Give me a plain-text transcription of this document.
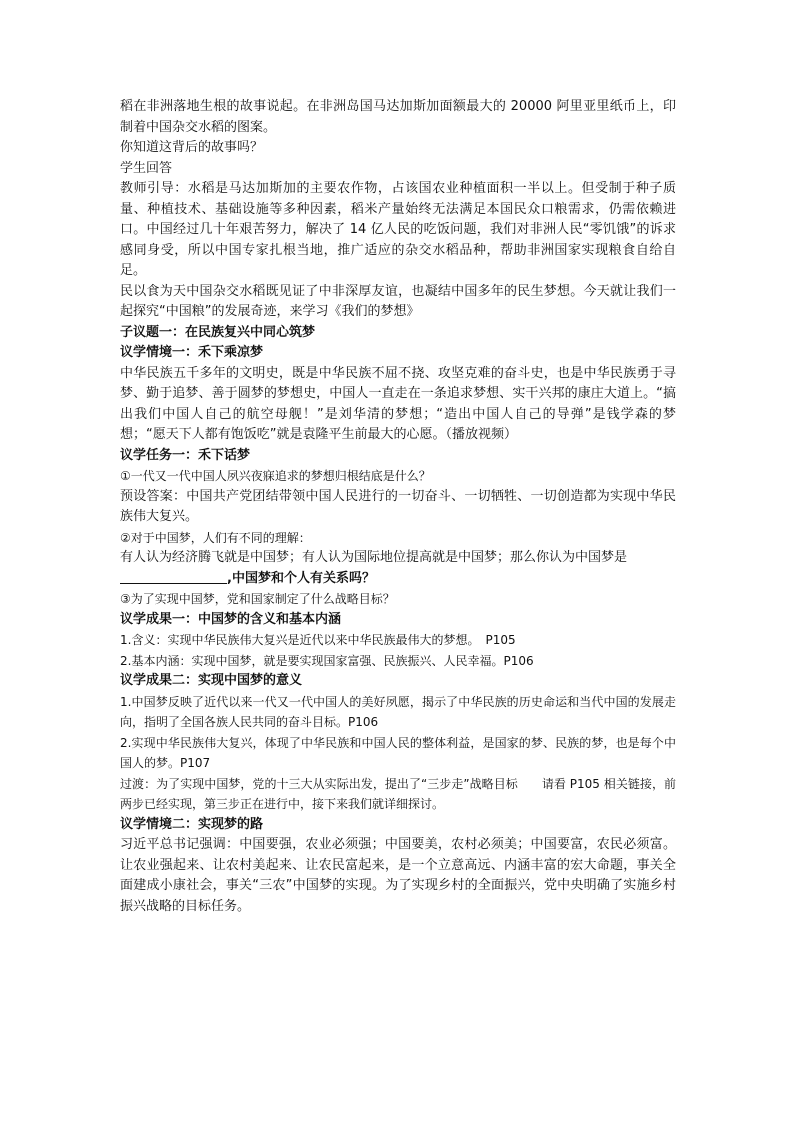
稻在非洲落地生根的故事说起。在非洲岛国马达加斯加面额最大的 20000 阿里亚里纸币上，印制着中国杂交水稻的图案。

你知道这背后的故事吗？

学生回答

教师引导：水稻是马达加斯加的主要农作物，占该国农业种植面积一半以上。但受制于种子质量、种植技术、基础设施等多种因素，稻米产量始终无法满足本国民众口粮需求，仍需依赖进口。中国经过几十年艰苦努力，解决了 14 亿人民的吃饭问题，我们对非洲人民“零饥饿”的诉求感同身受，所以中国专家扎根当地，推广适应的杂交水稻品种，帮助非洲国家实现粮食自给自足。

民以食为天中国杂交水稻既见证了中非深厚友谊，也凝结中国多年的民生梦想。今天就让我们一起探究“中国粮”的发展奇迹，来学习《我们的梦想》

子议题一：在民族复兴中同心筑梦

议学情境一：禾下乘凉梦

中华民族五千多年的文明史，既是中华民族不屈不挠、攻坚克难的奋斗史，也是中华民族勇于寻梦、勤于追梦、善于圆梦的梦想史，中国人一直走在一条追求梦想、实干兴邦的康庄大道上。“搞出我们中国人自己的航空母舰！”是刘华清的梦想；“造出中国人自己的导弹”是钱学森的梦想；“愿天下人都有饱饭吃”就是袁隆平生前最大的心愿。（播放视频）

议学任务一：禾下话梦

①一代又一代中国人夙兴夜寐追求的梦想归根结底是什么？

预设答案：中国共产党团结带领中国人民进行的一切奋斗、一切牺牲、一切创造都为实现中华民族伟大复兴。

②对于中国梦，人们有不同的理解：

有人认为经济腾飞就是中国梦；有人认为国际地位提高就是中国梦；那么你认为中国梦是

,中国梦和个人有关系吗？

③为了实现中国梦，党和国家制定了什么战略目标？

议学成果一：中国梦的含义和基本内涵

1.含义：实现中华民族伟大复兴是近代以来中华民族最伟大的梦想。　P105

2.基本内涵：实现中国梦，就是要实现国家富强、民族振兴、人民幸福。P106

议学成果二：实现中国梦的意义

1.中国梦反映了近代以来一代又一代中国人的美好夙愿，揭示了中华民族的历史命运和当代中国的发展走向，指明了全国各族人民共同的奋斗目标。P106

2.实现中华民族伟大复兴，体现了中华民族和中国人民的整体利益，是国家的梦、民族的梦，也是每个中国人的梦。P107

过渡：为了实现中国梦，党的十三大从实际出发，提出了“三步走”战略目标　　请看 P105 相关链接，前两步已经实现，第三步正在进行中，接下来我们就详细探讨。

议学情境二：实现梦的路

习近平总书记强调：中国要强，农业必须强；中国要美，农村必须美；中国要富，农民必须富。让农业强起来、让农村美起来、让农民富起来，是一个立意高远、内涵丰富的宏大命题，事关全面建成小康社会，事关“三农”中国梦的实现。为了实现乡村的全面振兴，党中央明确了实施乡村振兴战略的目标任务。
